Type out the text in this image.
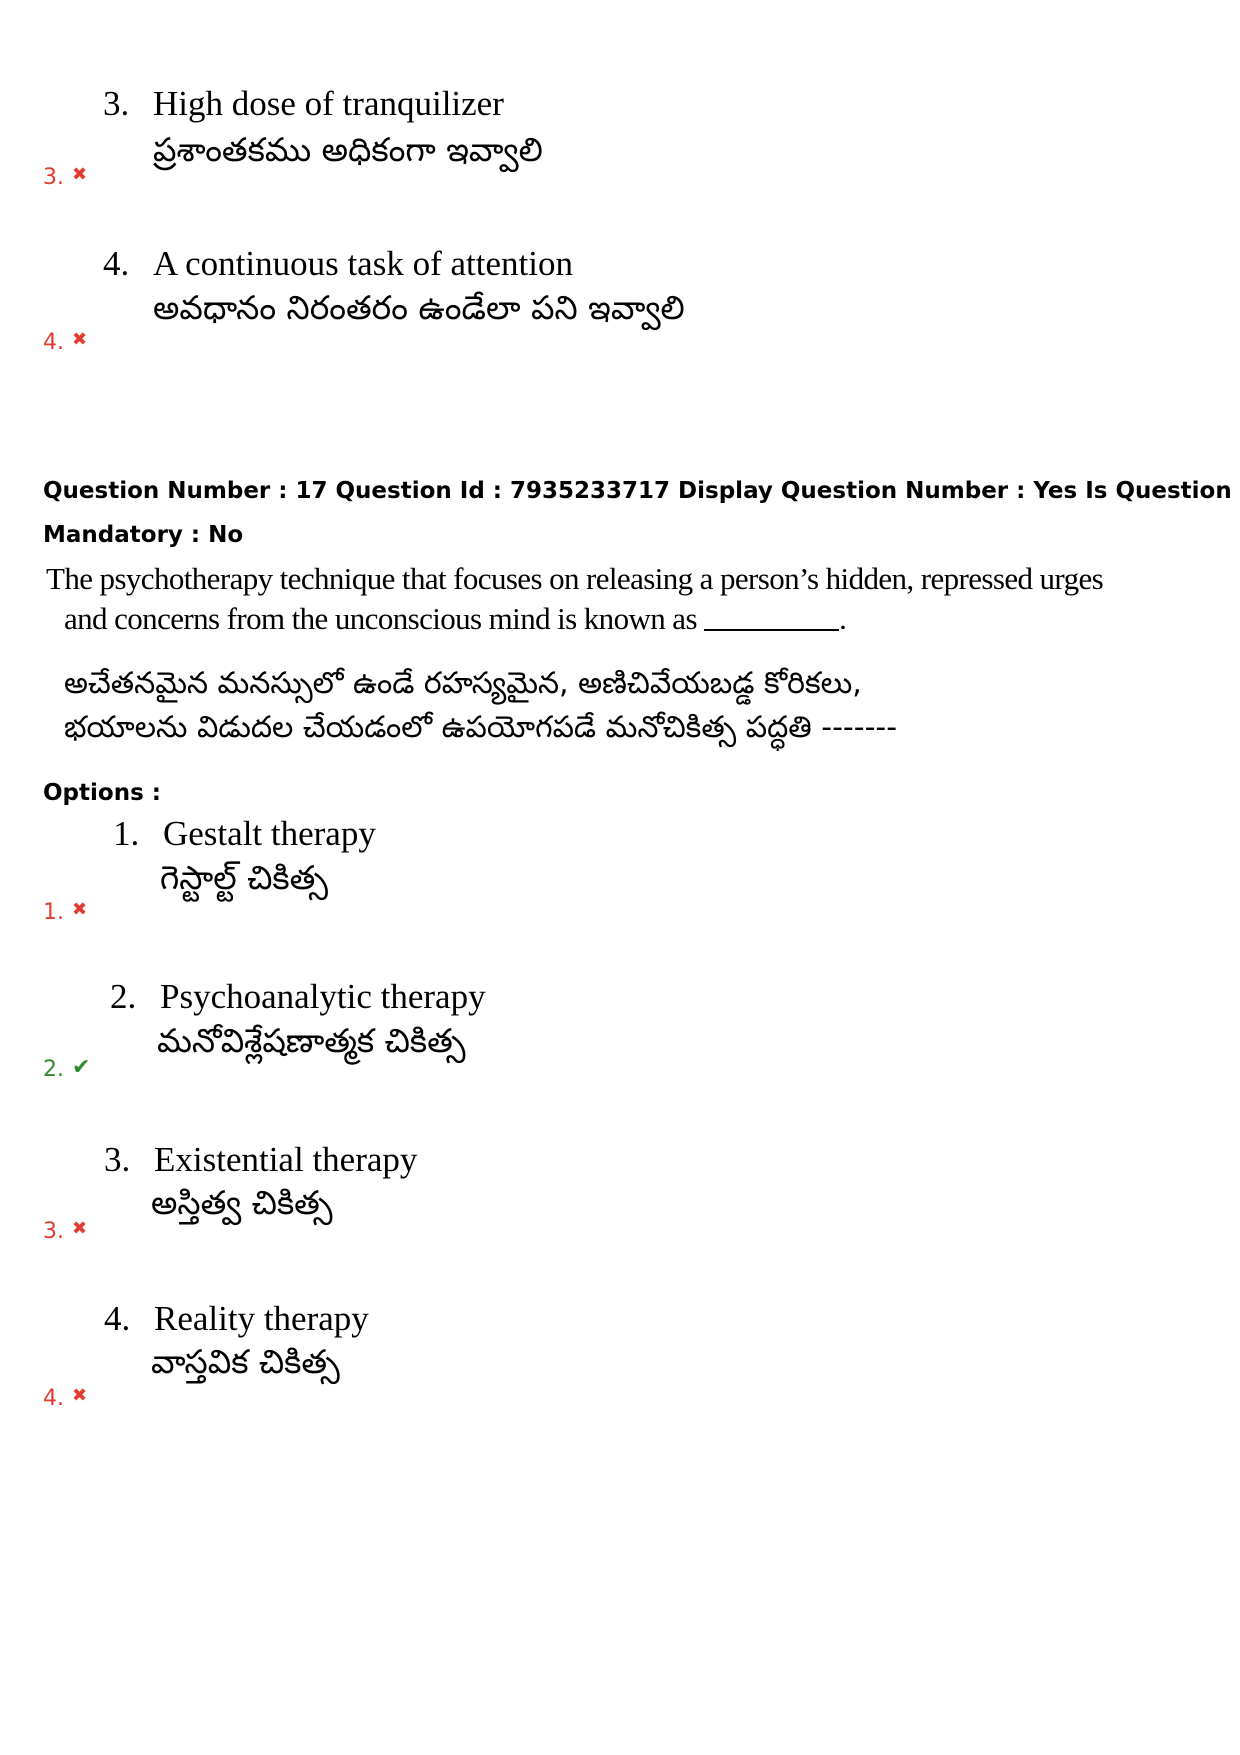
3. High dose of tranquilizer
ప్రశాంతకము అధికంగా ఇవ్వాలి
3. ✖
4. A continuous task of attention
అవధానం నిరంతరం ఉండేలా పని ఇవ్వాలి
4. ✖
Question Number : 17 Question Id : 7935233717 Display Question Number : Yes Is Question
Mandatory : No
The psychotherapy technique that focuses on releasing a person’s hidden, repressed urges
and concerns from the unconscious mind is known as	.
అచేతనమైన మనస్సులో ఉండే రహస్యమైన, అణిచివేయబడ్డ కోరికలు,
భయాలను విడుదల చేయడంలో ఉపయోగపడే మనోచికిత్స పద్ధతి -------
Options :
1. Gestalt therapy
గెస్టాల్ట్ చికిత్స
1. ✖
2. Psychoanalytic therapy
మనోవిశ్లేషణాత్మక చికిత్స
2. ✔
3. Existential therapy
అస్తిత్వ చికిత్స
3. ✖
4. Reality therapy
వాస్తవిక చికిత్స
4. ✖
